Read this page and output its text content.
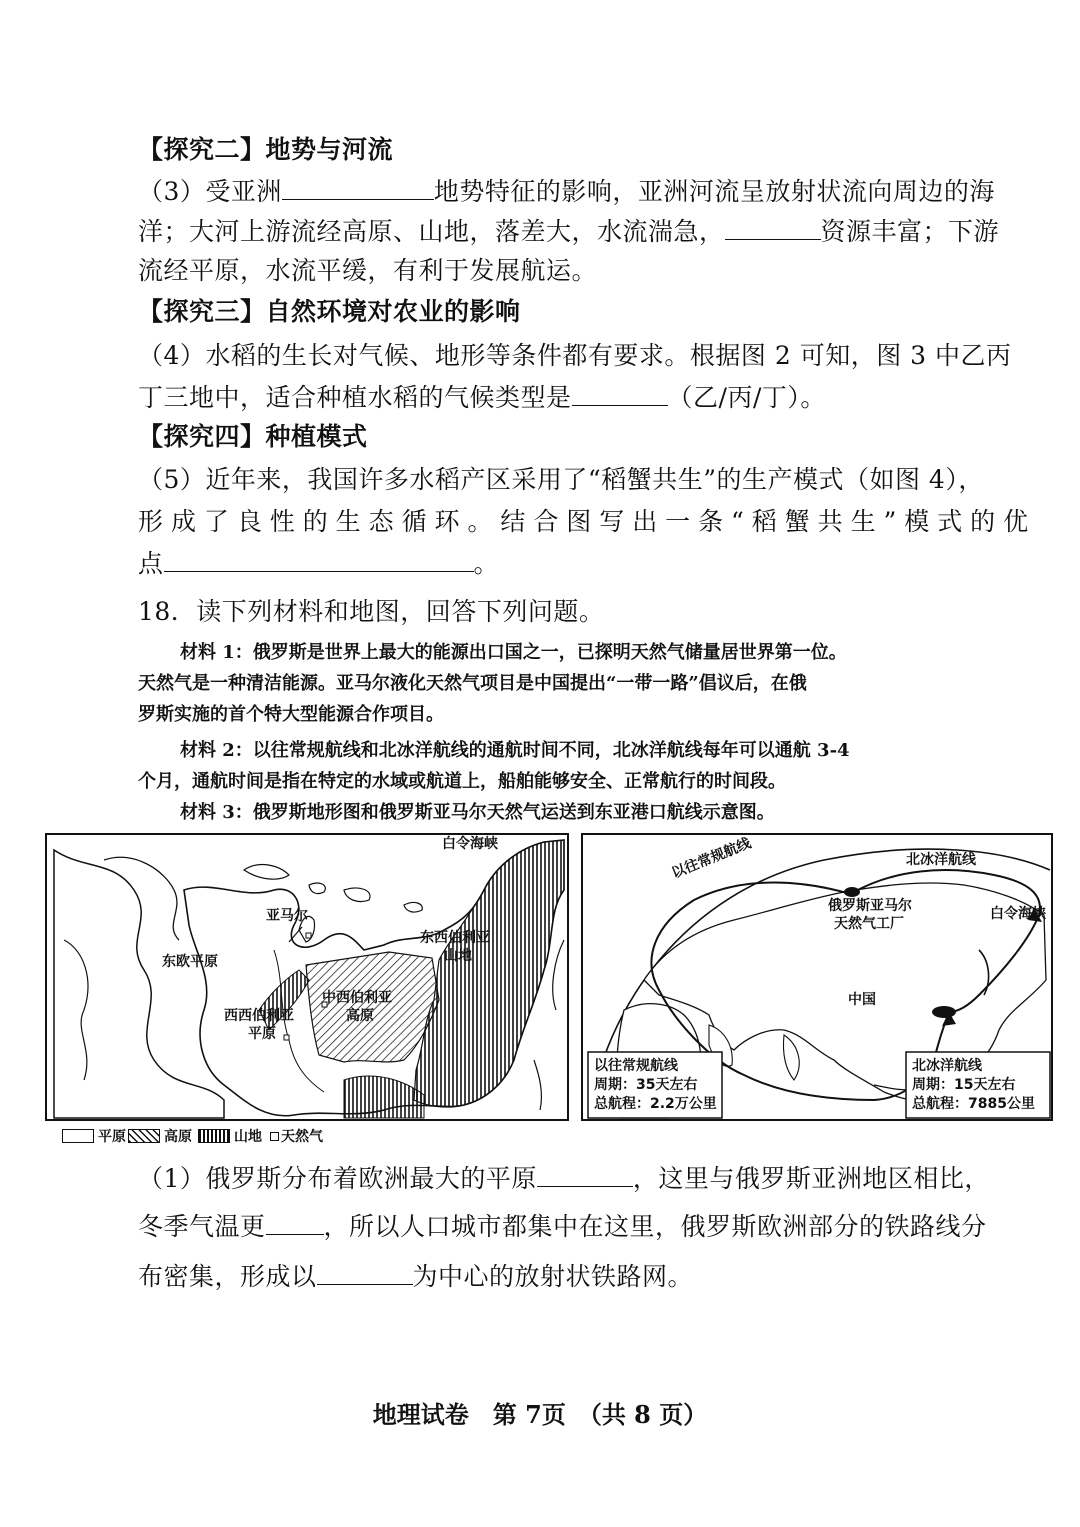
【探究二】地势与河流
（3）受亚洲	地势特征的影响，亚洲河流呈放射状流向周边的海
洋；大河上游流经高原、山地，落差大，水流湍急，	资源丰富；下游
流经平原，水流平缓，有利于发展航运。
【探究三】自然环境对农业的影响
（4）水稻的生长对气候、地形等条件都有要求。根据图 2 可知，图 3 中乙丙
丁三地中，适合种植水稻的气候类型是	（乙/丙/丁）。
【探究四】种植模式
（5）近年来，我国许多水稻产区采用了“稻蟹共生”的生产模式（如图 4），
形 成 了 良 性 的 生 态 循 环 。 结 合 图 写 出 一 条 “ 稻 蟹 共 生 ” 模 式 的 优
点	。
18．读下列材料和地图，回答下列问题。
材料 1：俄罗斯是世界上最大的能源出口国之一，已探明天然气储量居世界第一位。
天然气是一种清洁能源。亚马尔液化天然气项目是中国提出“一带一路”倡议后，在俄
罗斯实施的首个特大型能源合作项目。
材料 2：以往常规航线和北冰洋航线的通航时间不同，北冰洋航线每年可以通航 3-4
个月，通航时间是指在特定的水域或航道上，船舶能够安全、正常航行的时间段。
材料 3：俄罗斯地形图和俄罗斯亚马尔天然气运送到东亚港口航线示意图。
白令海峡
亚马尔
东欧平原
东西伯利亚
山地
中西伯利亚
高原
西西伯利亚
平原
以往常规航线	北冰洋航线
俄罗斯亚马尔
天然气工厂
白令海峡
中国
以往常规航线
周期：35天左右
总航程：2.2万公里
北冰洋航线
周期：15天左右
总航程：7885公里
平原	高原	山地 天然气
（1）俄罗斯分布着欧洲最大的平原	，这里与俄罗斯亚洲地区相比，
冬季气温更 ，所以人口城市都集中在这里，俄罗斯欧洲部分的铁路线分
布密集，形成以	为中心的放射状铁路网。
地理试卷　第 7页　（共 8 页）
